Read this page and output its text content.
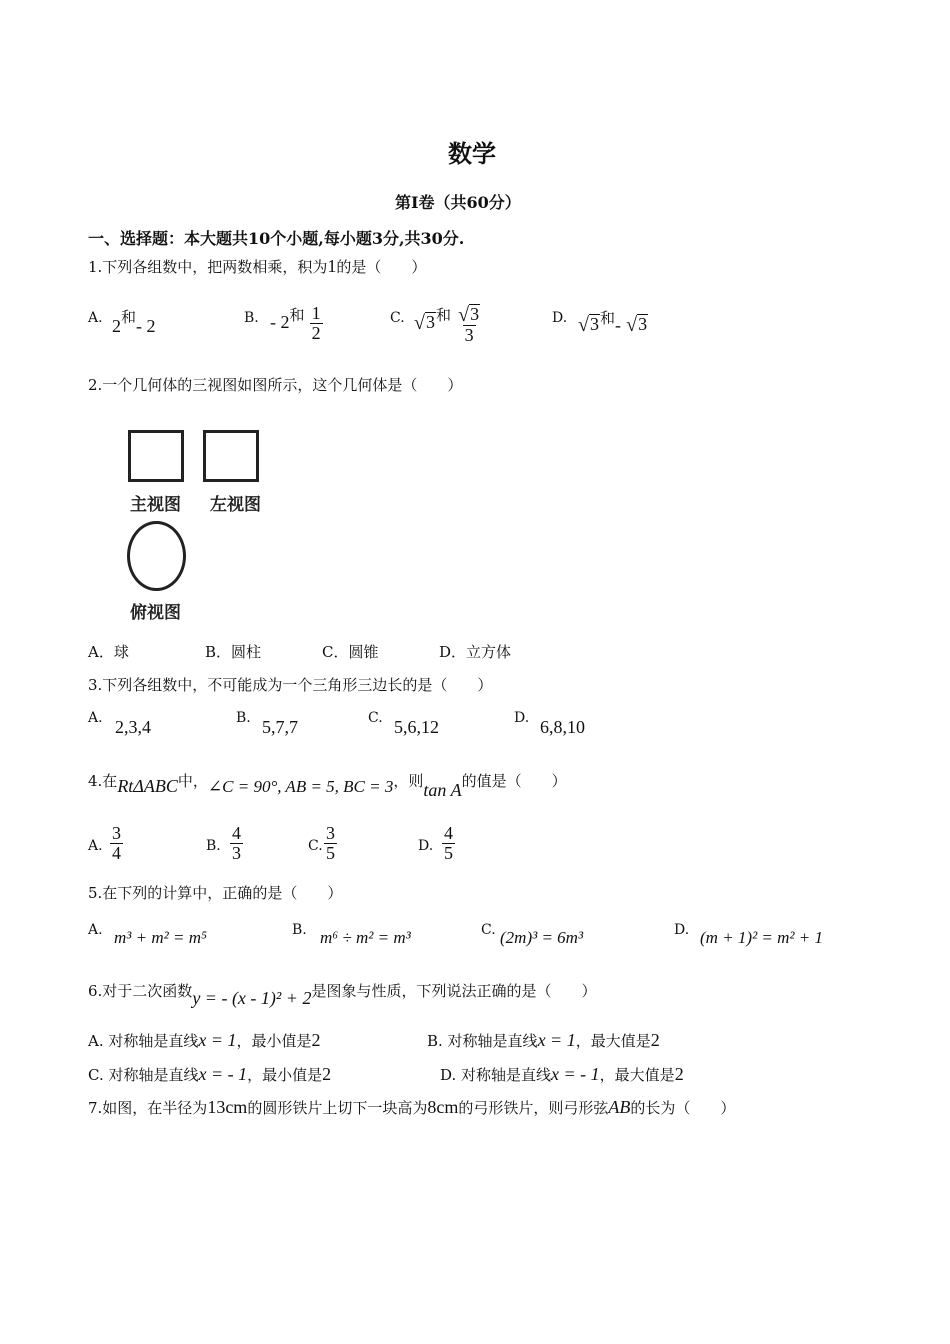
数学
第Ⅰ卷（共60分）
一、选择题：本大题共10个小题,每小题3分,共30分.
1.下列各组数中，把两数相乘，积为1的是（　　）
A. 2和- 2	B. - 2和 $\frac{1}{2}$	C. √ 3 和 $\frac{√ 3}{3}$	D. √ 3 和- √ 3
2.一个几何体的三视图如图所示，这个几何体是（　　）
主视图 左视图
俯视图
A．球	B．圆柱	C．圆锥	D．立方体
3.下列各组数中，不可能成为一个三角形三边长的是（　　）
A. 2,3,4	B. 5,7,7	C. 5,6,12	D. 6,8,10
4.在RtΔABC中，∠C = 90°, AB = 5, BC = 3，则tan A的值是（　　）
A. $\frac{3}{4}$	B. $\frac{4}{3}$	C. $\frac{3}{5}$	D. $\frac{4}{5}$
5.在下列的计算中，正确的是（　　）
A. m³ + m² = m⁵	B. m⁶ ÷ m² = m³	C. (2m)³ = 6m³	D. (m + 1)² = m² + 1
6.对于二次函数y = - (x - 1)² + 2是图象与性质，下列说法正确的是（　　）
A. 对称轴是直线x = 1，最小值是2	B. 对称轴是直线x = 1，最大值是2
C. 对称轴是直线x = - 1，最小值是2	D. 对称轴是直线x = - 1，最大值是2
7.如图，在半径为13cm的圆形铁片上切下一块高为8cm的弓形铁片，则弓形弦AB的长为（　　）
